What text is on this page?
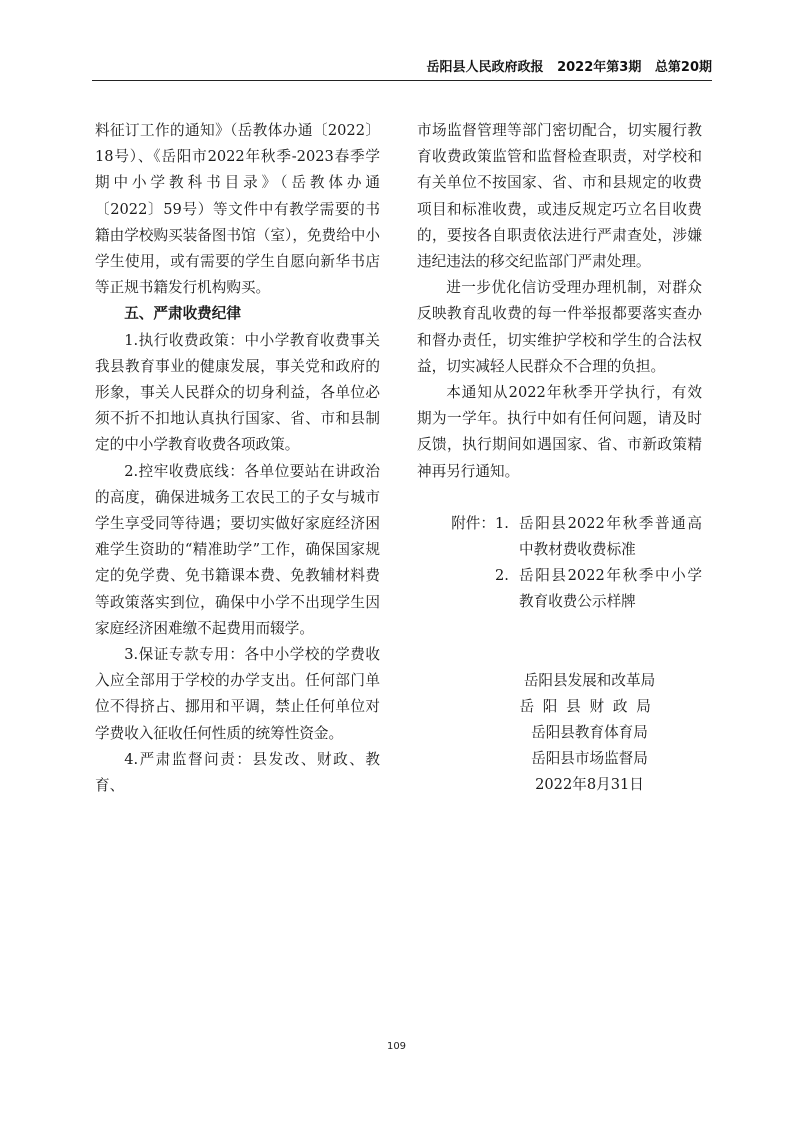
岳阳县人民政府政报   2022年第3期   总第20期

料征订工作的通知》（岳教体办通〔2022〕18号）、《岳阳市2022年秋季-2023春季学期中小学教科书目录》（岳教体办通〔2022〕59号）等文件中有教学需要的书籍由学校购买装备图书馆（室），免费给中小学生使用，或有需要的学生自愿向新华书店等正规书籍发行机构购买。

五、严肃收费纪律

1.执行收费政策：中小学教育收费事关我县教育事业的健康发展，事关党和政府的形象，事关人民群众的切身利益，各单位必须不折不扣地认真执行国家、省、市和县制定的中小学教育收费各项政策。

2.控牢收费底线：各单位要站在讲政治的高度，确保进城务工农民工的子女与城市学生享受同等待遇；要切实做好家庭经济困难学生资助的“精准助学”工作，确保国家规定的免学费、免书籍课本费、免教辅材料费等政策落实到位，确保中小学不出现学生因家庭经济困难缴不起费用而辍学。

3.保证专款专用：各中小学校的学费收入应全部用于学校的办学支出。任何部门单位不得挤占、挪用和平调，禁止任何单位对学费收入征收任何性质的统筹性资金。

4.严肃监督问责：县发改、财政、教育、

市场监督管理等部门密切配合，切实履行教育收费政策监管和监督检查职责，对学校和有关单位不按国家、省、市和县规定的收费项目和标准收费，或违反规定巧立名目收费的，要按各自职责依法进行严肃查处，涉嫌违纪违法的移交纪监部门严肃处理。

进一步优化信访受理办理机制，对群众反映教育乱收费的每一件举报都要落实查办和督办责任，切实维护学校和学生的合法权益，切实减轻人民群众不合理的负担。

本通知从2022年秋季开学执行，有效期为一学年。执行中如有任何问题，请及时反馈，执行期间如遇国家、省、市新政策精神再另行通知。

附件： 1. 岳阳县2022年秋季普通高中教材费收费标准
2. 岳阳县2022年秋季中小学教育收费公示样牌
岳阳县发展和改革局
岳阳县财政局
岳阳县教育体育局
岳阳县市场监督局
2022年8月31日
109
